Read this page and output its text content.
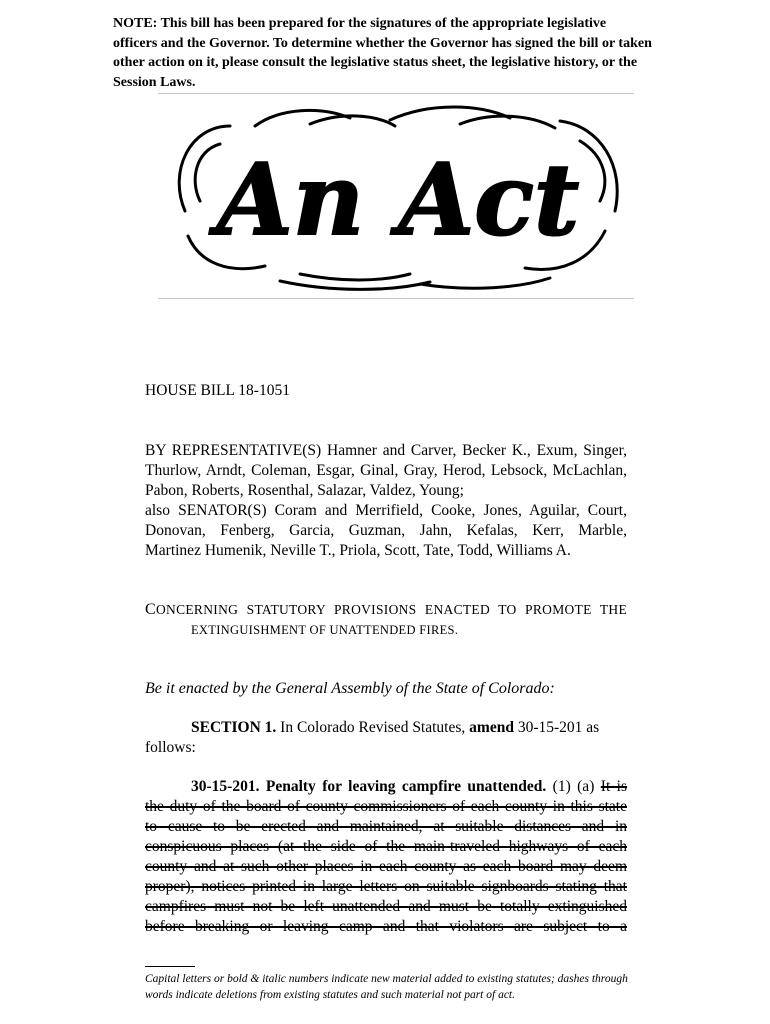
NOTE: This bill has been prepared for the signatures of the appropriate legislative officers and the Governor. To determine whether the Governor has signed the bill or taken other action on it, please consult the legislative status sheet, the legislative history, or the Session Laws.
An Act
HOUSE BILL 18-1051
BY REPRESENTATIVE(S) Hamner and Carver, Becker K., Exum, Singer,
Thurlow, Arndt, Coleman, Esgar, Ginal, Gray, Herod, Lebsock, McLachlan,
Pabon, Roberts, Rosenthal, Salazar, Valdez, Young;
also SENATOR(S) Coram and Merrifield, Cooke, Jones, Aguilar, Court,
Donovan, Fenberg, Garcia, Guzman, Jahn, Kefalas, Kerr, Marble,
Martinez Humenik, Neville T., Priola, Scott, Tate, Todd, Williams A.
CONCERNING STATUTORY PROVISIONS ENACTED TO PROMOTE THE
EXTINGUISHMENT OF UNATTENDED FIRES.
Be it enacted by the General Assembly of the State of Colorado:
SECTION 1. In Colorado Revised Statutes, amend 30-15-201 as
follows:
30-15-201. Penalty for leaving campfire unattended. (1) (a) It is
the duty of the board of county commissioners of each county in this state
to cause to be erected and maintained, at suitable distances and in
conspicuous places (at the side of the main-traveled highways of each
county and at such other places in each county as each board may deem
proper), notices printed in large letters on suitable signboards stating that
campfires must not be left unattended and must be totally extinguished
before breaking or leaving camp and that violators are subject to a
Capital letters or bold & italic numbers indicate new material added to existing statutes; dashes through words indicate deletions from existing statutes and such material not part of act.
